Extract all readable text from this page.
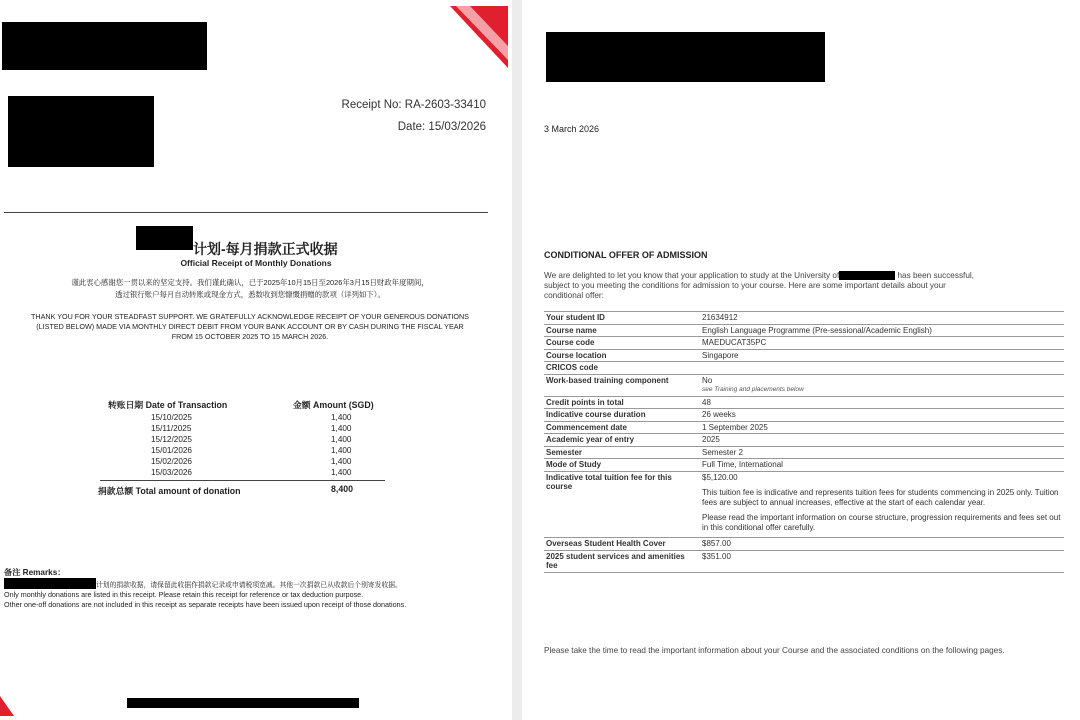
Receipt No: RA-2603-33410
Date: 15/03/2026
计划-每月捐款正式收据
Official Receipt of Monthly Donations
谨此衷心感谢您一贯以来的坚定支持。我们谨此确认，已于2025年10月15日至2026年3月15日财政年度期间，
透过银行账户每月自动转账或现金方式，悉数收到您慷慨捐赠的款项（详列如下）。
THANK YOU FOR YOUR STEADFAST SUPPORT. WE GRATEFULLY ACKNOWLEDGE RECEIPT OF YOUR GENEROUS DONATIONS
(LISTED BELOW) MADE VIA MONTHLY DIRECT DEBIT FROM YOUR BANK ACCOUNT OR BY CASH DURING THE FISCAL YEAR
FROM 15 OCTOBER 2025 TO 15 MARCH 2026.
转账日期 Date of Transaction	金额 Amount (SGD)
15/10/2025	1,400
15/11/2025	1,400
15/12/2025	1,400
15/01/2026	1,400
15/02/2026	1,400
15/03/2026	1,400
捐款总额 Total amount of donation	8,400
备注 Remarks：
计划的捐款收据，请保留此收据作捐款记录或申请税项宽减。其他一次捐款已从收款后个别寄发收据。
Only monthly donations are listed in this receipt. Please retain this receipt for reference or tax deduction purpose.
Other one-off donations are not included in this receipt as separate receipts have been issued upon receipt of those donations.
3 March 2026
CONDITIONAL OFFER OF ADMISSION
We are delighted to let you know that your application to study at the University of	has been successful,
subject to you meeting the conditions for admission to your course. Here are some important details about your
conditional offer:
Your student ID	21634912
Course name	English Language Programme (Pre-sessional/Academic English)
Course code	MAEDUCAT35PC
Course location	Singapore
CRICOS code	
Work-based training component	No
see Training and placements below

Credit points in total	48
Indicative course duration	26 weeks
Commencement date	1 September 2025
Academic year of entry	2025
Semester	Semester 2
Mode of Study	Full Time, International
Indicative total tuition fee for this course	$5,120.00
This tuition fee is indicative and represents tuition fees for students commencing in 2025 only. Tuition fees are subject to annual increases, effective at the start of each calendar year.
Please read the important information on course structure, progression requirements and fees set out in this conditional offer carefully.

Overseas Student Health Cover	$857.00
2025 student services and amenities fee	$351.00
Please take the time to read the important information about your Course and the associated conditions on the following pages.
